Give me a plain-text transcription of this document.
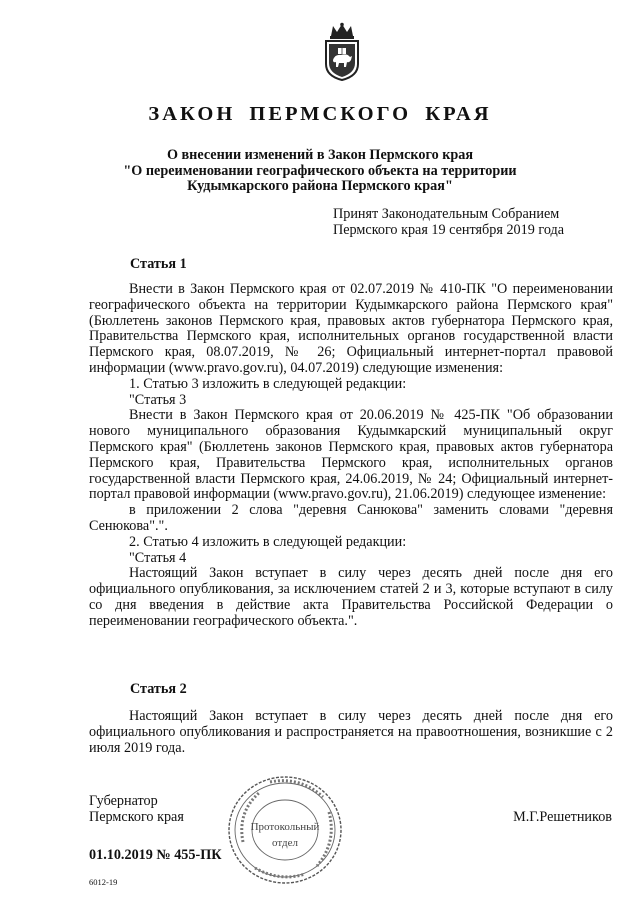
ЗАКОН ПЕРМСКОГО КРАЯ
О внесении изменений в Закон Пермского края
"О переименовании географического объекта на территории
Кудымкарского района Пермского края"
Принят Законодательным Собранием
Пермского края 19 сентября 2019 года
Статья 1

Внести в Закон Пермского края от 02.07.2019 № 410-ПК "О переименовании географического объекта на территории Кудымкарского района Пермского края" (Бюллетень законов Пермского края, правовых актов губернатора Пермского края, Правительства Пермского края, исполнительных органов государственной власти Пермского края, 08.07.2019, № 26; Официальный интернет-портал правовой информации (www.pravo.gov.ru), 04.07.2019) следующие изменения:

1. Статью 3 изложить в следующей редакции:

"Статья 3

Внести в Закон Пермского края от 20.06.2019 № 425-ПК "Об образовании нового муниципального образования Кудымкарский муниципальный округ Пермского края" (Бюллетень законов Пермского края, правовых актов губернатора Пермского края, Правительства Пермского края, исполнительных органов государственной власти Пермского края, 24.06.2019, № 24; Официальный интернет-портал правовой информации (www.pravo.gov.ru), 21.06.2019) следующее изменение:

в приложении 2 слова "деревня Санюкова" заменить словами "деревня Сенюкова".".

2. Статью 4 изложить в следующей редакции:

"Статья 4

Настоящий Закон вступает в силу через десять дней после дня его официального опубликования, за исключением статей 2 и 3, которые вступают в силу со дня введения в действие акта Правительства Российской Федерации о переименовании географического объекта.".

Статья 2

Настоящий Закон вступает в силу через десять дней после дня его официального опубликования и распространяется на правоотношения, возникшие с 2 июля 2019 года.

Губернатор
Пермского края	М.Г.Решетников
Протокольный
отдел
01.10.2019 № 455-ПК
6012-19
